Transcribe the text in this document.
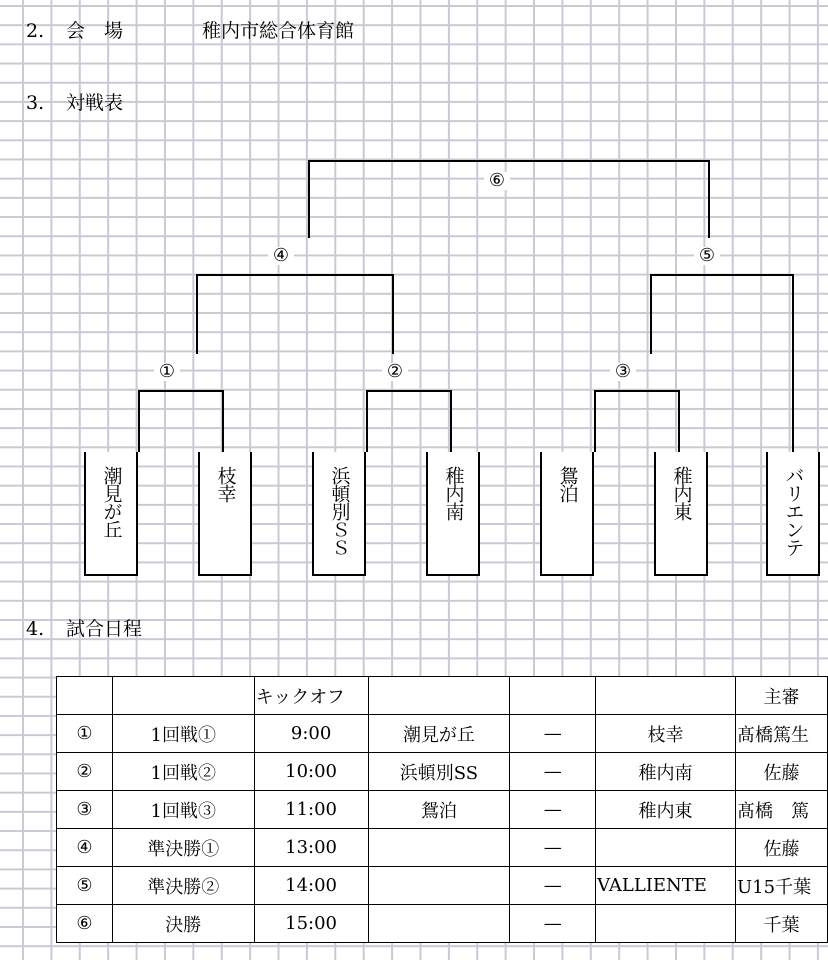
2. 会　場	稚内市総合体育館
3. 対戦表
4. 試合日程
①	②	③
④	⑤
⑥
潮見が丘	枝幸	浜頓別ＳＳ	稚内南	鴛泊	稚内東	バリエンテ
		キックオフ				主審
①	1回戦①	9:00	潮見が丘	—	枝幸	髙橋篤生
②	1回戦②	10:00	浜頓別SS	—	稚内南	佐藤
③	1回戦③	11:00	鴛泊	—	稚内東	髙橋　篤
④	準決勝①	13:00		—		佐藤
⑤	準決勝②	14:00		—	VALLIENTE	U15千葉
⑥	決勝	15:00		—		千葉
